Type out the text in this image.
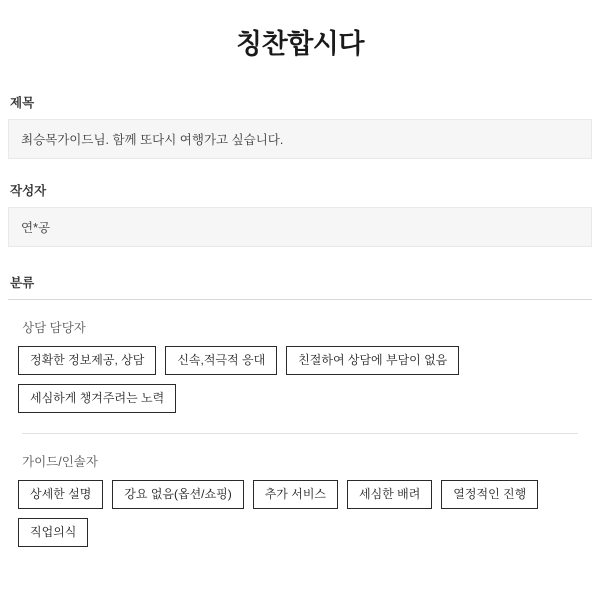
칭찬합시다
제목
최승목가이드님. 함께 또다시 여행가고 싶습니다.
작성자
연*공
분류
상담 담당자
정확한 정보제공, 상담	신속,적극적 응대	친절하여 상담에 부담이 없음
세심하게 챙겨주려는 노력
가이드/인솔자
상세한 설명	강요 없음(옵션/쇼핑)	추가 서비스	세심한 배려	열정적인 진행
직업의식
